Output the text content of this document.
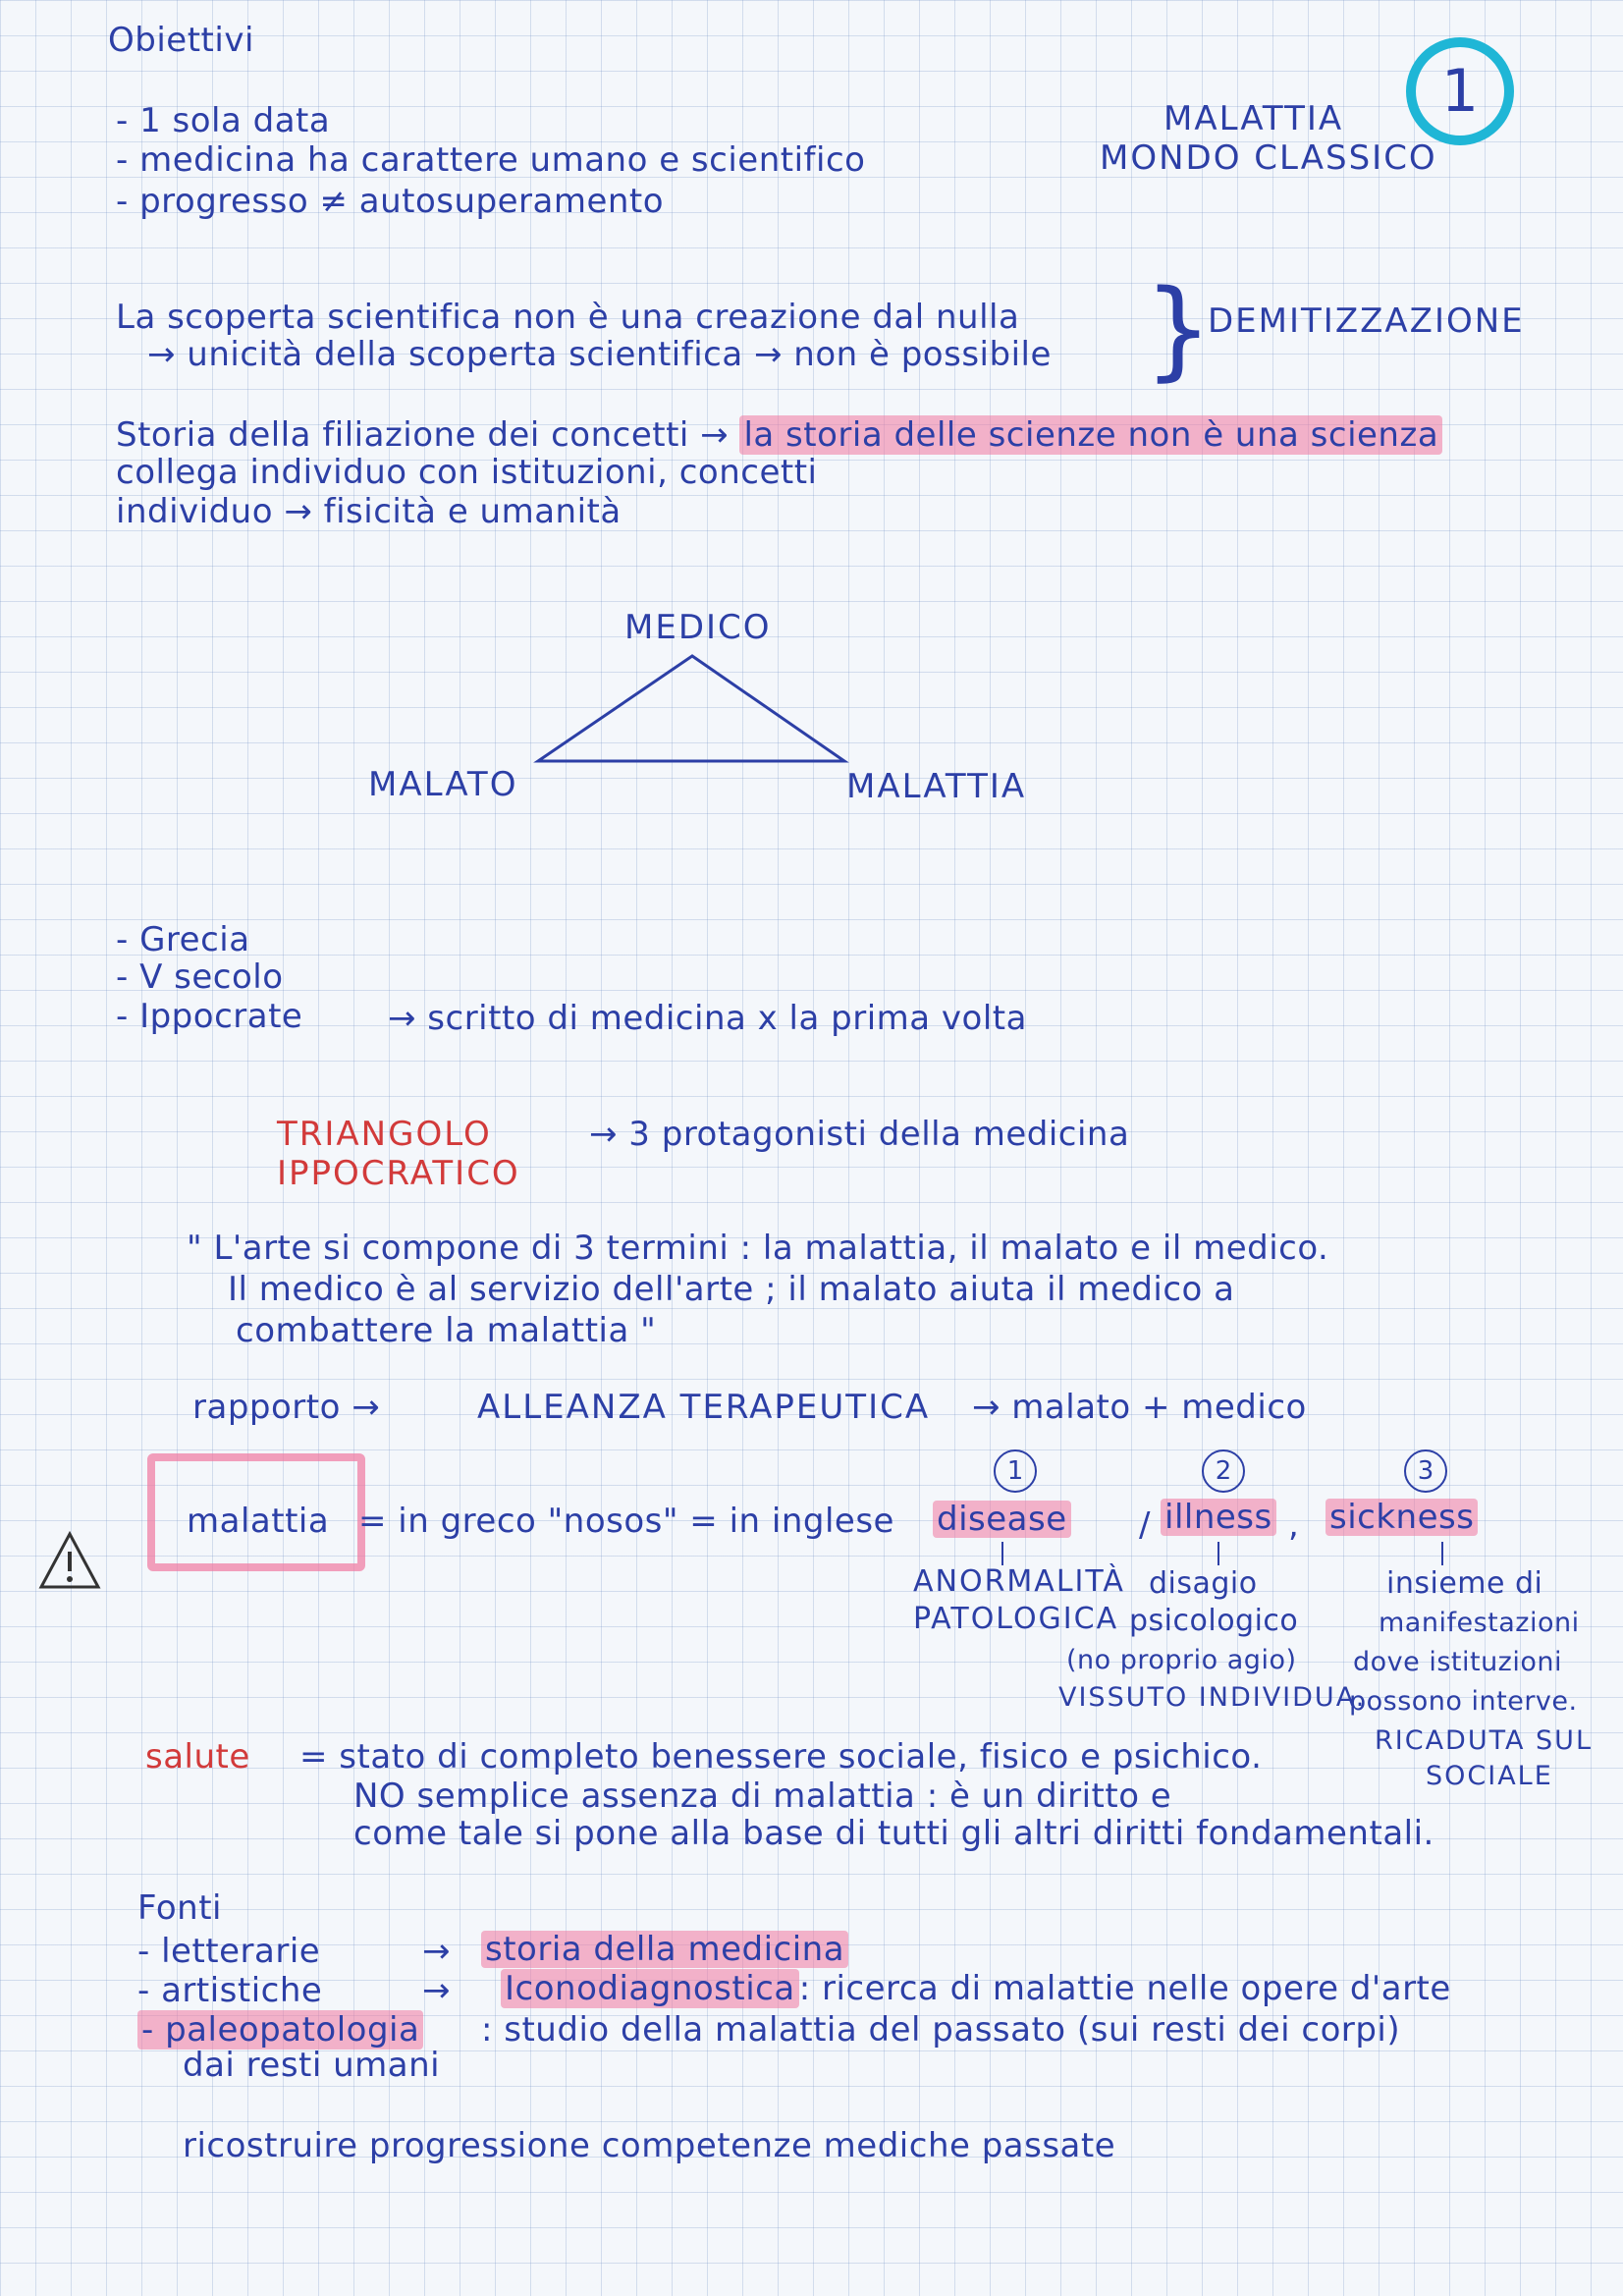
1
Obiettivi
MALATTIA
MONDO CLASSICO
- 1 sola data
- medicina ha carattere umano e scientifico
- progresso ≠ autosuperamento
La scoperta scientifica non è una creazione dal nulla
→ unicità della scoperta scientifica → non è possibile }
DEMITIZZAZIONE
Storia della filiazione dei concetti → la storia delle scienze non è una scienza
collega individuo con istituzioni, concetti
individuo → fisicità e umanità
MEDICO
MALATO	MALATTIA
- Grecia
- V secolo
- Ippocrate	→ scritto di medicina x la prima volta
TRIANGOLO
IPPOCRATICO
→ 3 protagonisti della medicina
" L'arte si compone di 3 termini : la malattia, il malato e il medico.
Il medico è al servizio dell'arte ; il malato aiuta il medico a
combattere la malattia "
rapporto →	ALLEANZA TERAPEUTICA → malato + medico
malattia = in greco "nosos" = in inglese
1	2	3
disease / illness , sickness
ANORMALITÀ
PATOLOGICA
disagio
psicologico
(no proprio agio)
VISSUTO INDIVIDUA.
insieme di
manifestazioni
dove istituzioni
possono interve.
RICADUTA SUL
SOCIALE
salute = stato di completo benessere sociale, fisico e psichico.
NO semplice assenza di malattia : è un diritto e
come tale si pone alla base di tutti gli altri diritti fondamentali.
Fonti
- letterarie	→ storia della medicina
- artistiche	→ Iconodiagnostica : ricerca di malattie nelle opere d'arte
- paleopatologia : studio della malattia del passato (sui resti dei corpi)
dai resti umani
ricostruire progressione competenze mediche passate
